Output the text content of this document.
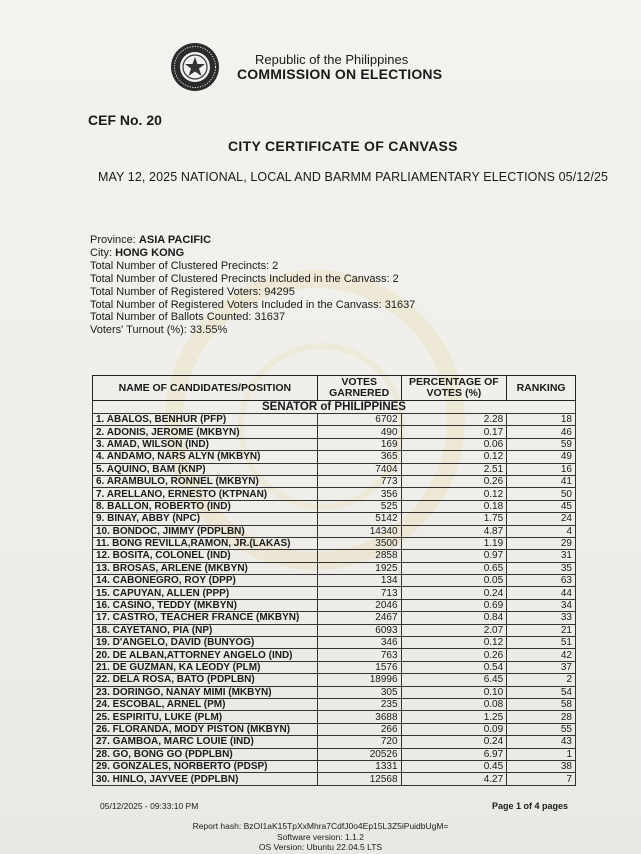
Republic of the Philippines
COMMISSION ON ELECTIONS
CEF No. 20
CITY CERTIFICATE OF CANVASS
MAY 12, 2025 NATIONAL, LOCAL AND BARMM PARLIAMENTARY ELECTIONS 05/12/25
Province: ASIA PACIFIC
City: HONG KONG
Total Number of Clustered Precincts: 2
Total Number of Clustered Precincts Included in the Canvass: 2
Total Number of Registered Voters: 94295
Total Number of Registered Voters Included in the Canvass: 31637
Total Number of Ballots Counted: 31637
Voters' Turnout (%): 33.55%
NAME OF CANDIDATES/POSITION	VOTES GARNERED	PERCENTAGE OF VOTES (%)	RANKING
SENATOR of PHILIPPINES			
1. ABALOS, BENHUR (PFP)	6702	2.28	18
2. ADONIS, JEROME (MKBYN)	490	0.17	46
3. AMAD, WILSON (IND)	169	0.06	59
4. ANDAMO, NARS ALYN (MKBYN)	365	0.12	49
5. AQUINO, BAM (KNP)	7404	2.51	16
6. ARAMBULO, RONNEL (MKBYN)	773	0.26	41
7. ARELLANO, ERNESTO (KTPNAN)	356	0.12	50
8. BALLON, ROBERTO (IND)	525	0.18	45
9. BINAY, ABBY (NPC)	5142	1.75	24
10. BONDOC, JIMMY (PDPLBN)	14340	4.87	4
11. BONG REVILLA,RAMON, JR.(LAKAS)	3500	1.19	29
12. BOSITA, COLONEL (IND)	2858	0.97	31
13. BROSAS, ARLENE (MKBYN)	1925	0.65	35
14. CABONEGRO, ROY (DPP)	134	0.05	63
15. CAPUYAN, ALLEN (PPP)	713	0.24	44
16. CASIÑO, TEDDY (MKBYN)	2046	0.69	34
17. CASTRO, TEACHER FRANCE (MKBYN)	2467	0.84	33
18. CAYETANO, PIA (NP)	6093	2.07	21
19. D'ANGELO, DAVID (BUNYOG)	346	0.12	51
20. DE ALBAN,ATTORNEY ANGELO (IND)	763	0.26	42
21. DE GUZMAN, KA LEODY (PLM)	1576	0.54	37
22. DELA ROSA, BATO (PDPLBN)	18996	6.45	2
23. DORINGO, NANAY MIMI (MKBYN)	305	0.10	54
24. ESCOBAL, ARNEL (PM)	235	0.08	58
25. ESPIRITU, LUKE (PLM)	3688	1.25	28
26. FLORANDA, MODY PISTON (MKBYN)	266	0.09	55
27. GAMBOA, MARC LOUIE (IND)	720	0.24	43
28. GO, BONG GO (PDPLBN)	20526	6.97	1
29. GONZALES, NORBERTO (PDSP)	1331	0.45	38
30. HINLO, JAYVEE (PDPLBN)	12568	4.27	7
05/12/2025 - 09:33:10 PM	Page 1 of 4 pages
Report hash: BzOI1aK15TpXxMhra7CdfJ0o4Ep15L3Z5iPuidbUgM=
Software version: 1.1.2
OS Version: Ubuntu 22.04.5 LTS
